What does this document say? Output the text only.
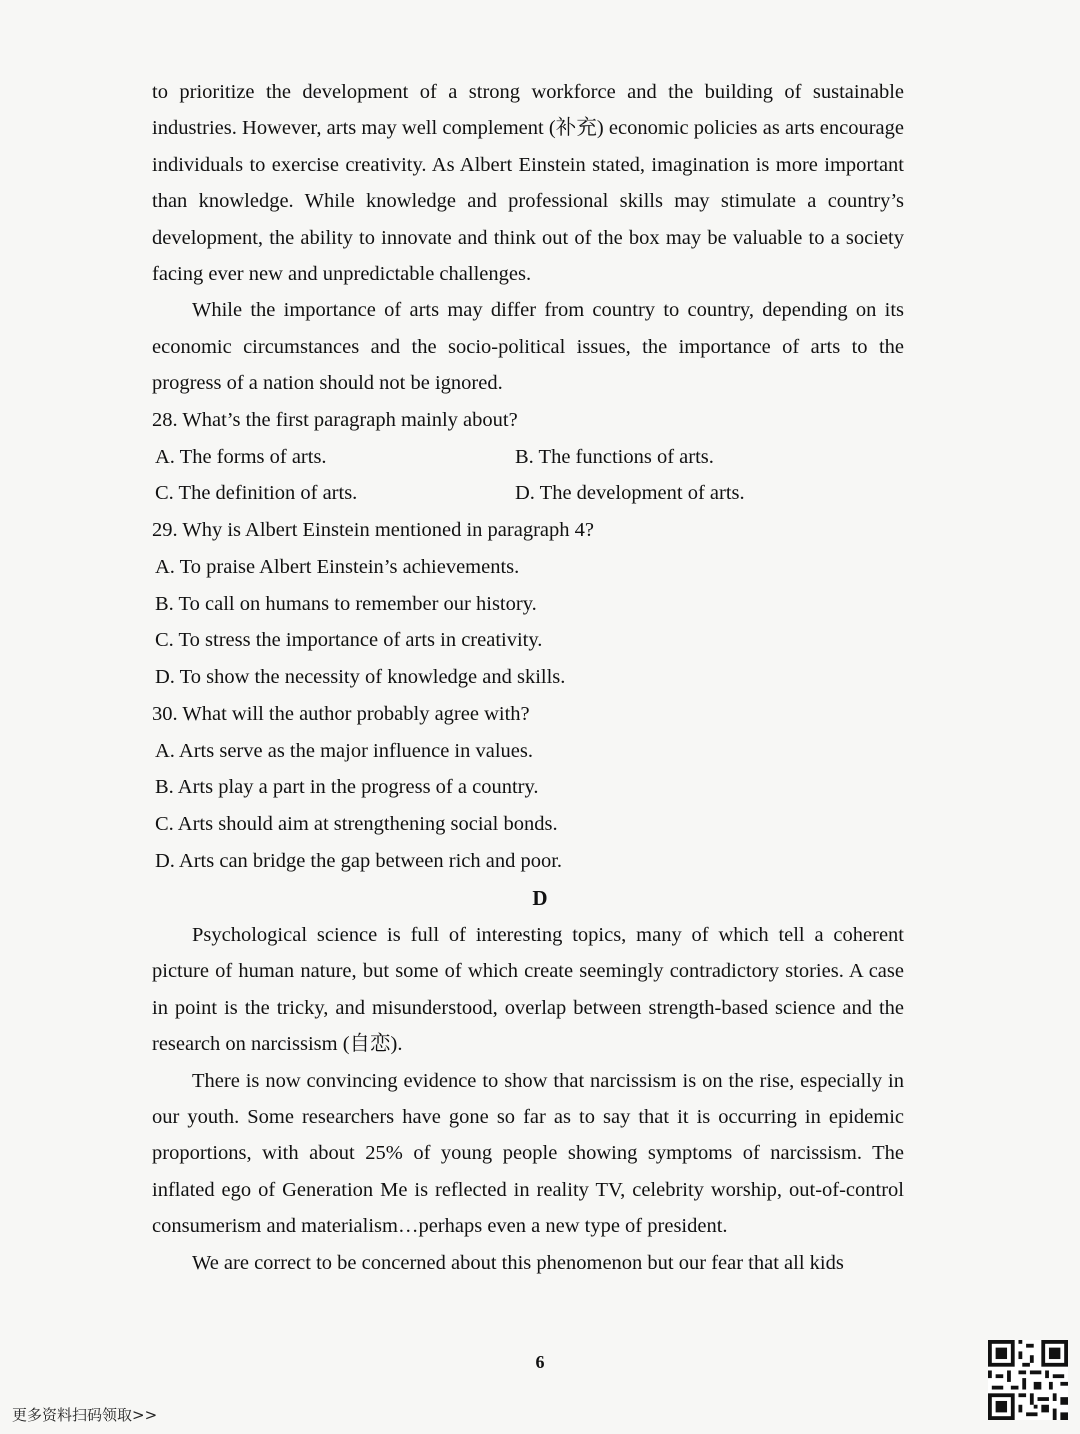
to prioritize the development of a strong workforce and the building of sustainable industries. However, arts may well complement (补充) economic policies as arts encourage individuals to exercise creativity. As Albert Einstein stated, imagination is more important than knowledge. While knowledge and professional skills may stimulate a country’s development, the ability to innovate and think out of the box may be valuable to a society facing ever new and unpredictable challenges.

While the importance of arts may differ from country to country, depending on its economic circumstances and the socio-political issues, the importance of arts to the progress of a nation should not be ignored.

28. What’s the first paragraph mainly about?
A. The forms of arts.	B. The functions of arts.
C. The definition of arts.	D. The development of arts.
29. Why is Albert Einstein mentioned in paragraph 4?
A. To praise Albert Einstein’s achievements.
B. To call on humans to remember our history.
C. To stress the importance of arts in creativity.
D. To show the necessity of knowledge and skills.
30. What will the author probably agree with?
A. Arts serve as the major influence in values.
B. Arts play a part in the progress of a country.
C. Arts should aim at strengthening social bonds.
D. Arts can bridge the gap between rich and poor.
D

Psychological science is full of interesting topics, many of which tell a coherent picture of human nature, but some of which create seemingly contradictory stories. A case in point is the tricky, and misunderstood, overlap between strength-based science and the research on narcissism (自恋).

There is now convincing evidence to show that narcissism is on the rise, especially in our youth. Some researchers have gone so far as to say that it is occurring in epidemic proportions, with about 25% of young people showing symptoms of narcissism. The inflated ego of Generation Me is reflected in reality TV, celebrity worship, out-of-control consumerism and materialism…perhaps even a new type of president.

We are correct to be concerned about this phenomenon but our fear that all kids

6
更多资料扫码领取>>
